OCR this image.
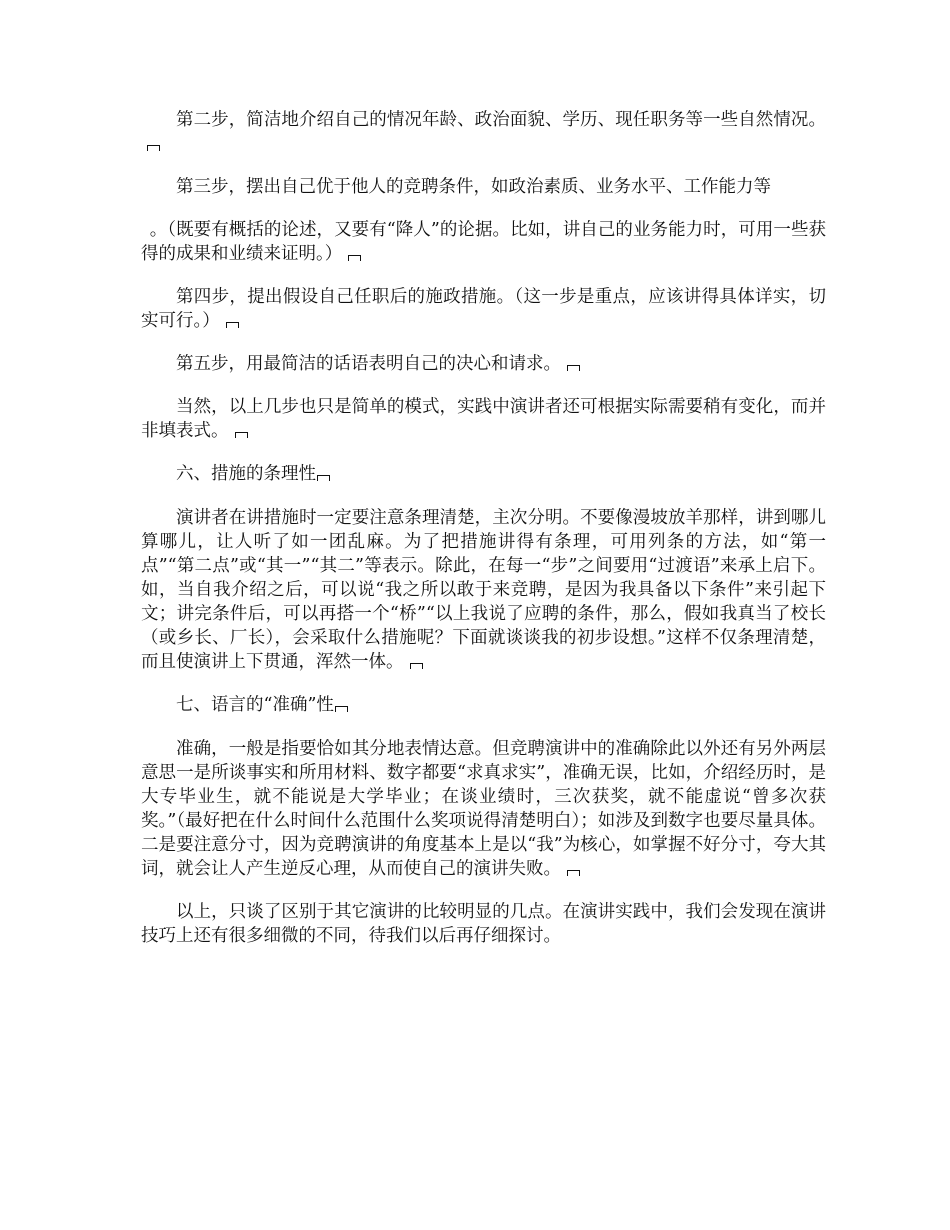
第二步，简洁地介绍自己的情况年龄、政治面貌、学历、现任职务等一些自然情况。

第三步，摆出自己优于他人的竞聘条件，如政治素质、业务水平、工作能力等

。（既要有概括的论述，又要有“降人”的论据。比如，讲自己的业务能力时，可用一些获得的成果和业绩来证明。）

第四步，提出假设自己任职后的施政措施。（这一步是重点，应该讲得具体详实，切实可行。）

第五步，用最简洁的话语表明自己的决心和请求。

当然，以上几步也只是简单的模式，实践中演讲者还可根据实际需要稍有变化，而并非填表式。

六、措施的条理性

演讲者在讲措施时一定要注意条理清楚，主次分明。不要像漫坡放羊那样，讲到哪儿算哪儿，让人听了如一团乱麻。为了把措施讲得有条理，可用列条的方法，如“第一点”“第二点”或“其一”“其二”等表示。除此，在每一“步”之间要用“过渡语”来承上启下。如，当自我介绍之后，可以说“我之所以敢于来竞聘，是因为我具备以下条件”来引起下文；讲完条件后，可以再搭一个“桥”“以上我说了应聘的条件，那么，假如我真当了校长（或乡长、厂长），会采取什么措施呢？下面就谈谈我的初步设想。”这样不仅条理清楚，而且使演讲上下贯通，浑然一体。

七、语言的“准确”性

准确，一般是指要恰如其分地表情达意。但竞聘演讲中的准确除此以外还有另外两层意思一是所谈事实和所用材料、数字都要“求真求实”，准确无误，比如，介绍经历时，是大专毕业生，就不能说是大学毕业；在谈业绩时，三次获奖，就不能虚说“曾多次获奖。”（最好把在什么时间什么范围什么奖项说得清楚明白）；如涉及到数字也要尽量具体。二是要注意分寸，因为竞聘演讲的角度基本上是以“我”为核心，如掌握不好分寸，夸大其词，就会让人产生逆反心理，从而使自己的演讲失败。

以上，只谈了区别于其它演讲的比较明显的几点。在演讲实践中，我们会发现在演讲技巧上还有很多细微的不同，待我们以后再仔细探讨。
